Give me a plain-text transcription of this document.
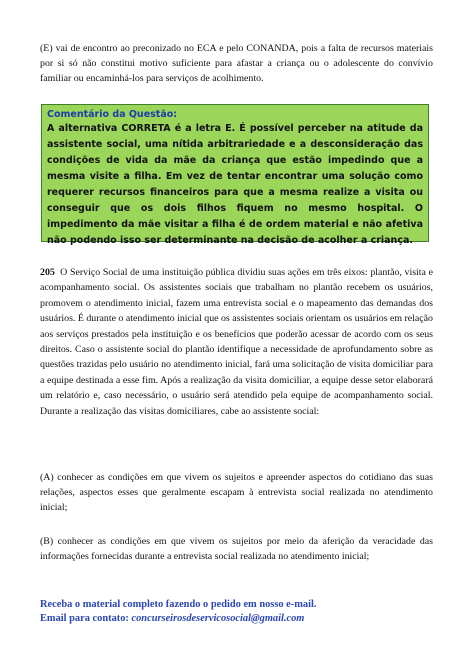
(E) vai de encontro ao preconizado no ECA e pelo CONANDA, pois a falta de recursos materiais por si só não constitui motivo suficiente para afastar a criança ou o adolescente do convívio familiar ou encaminhá-los para serviços de acolhimento.

Comentário da Questão:

A alternativa CORRETA é a letra E. É possível perceber na atitude da assistente social, uma nítida arbitrariedade e a desconsideração das condições de vida da mãe da criança que estão impedindo que a mesma visite a filha. Em vez de tentar encontrar uma solução como requerer recursos financeiros para que a mesma realize a visita ou conseguir que os dois filhos fiquem no mesmo hospital. O impedimento da mãe visitar a filha é de ordem material e não afetiva não podendo isso ser determinante na decisão de acolher a criança.

205 O Serviço Social de uma instituição pública dividiu suas ações em três eixos: plantão, visita e acompanhamento social. Os assistentes sociais que trabalham no plantão recebem os usuários, promovem o atendimento inicial, fazem uma entrevista social e o mapeamento das demandas dos usuários. É durante o atendimento inicial que os assistentes sociais orientam os usuários em relação aos serviços prestados pela instituição e os benefícios que poderão acessar de acordo com os seus direitos. Caso o assistente social do plantão identifique a necessidade de aprofundamento sobre as questões trazidas pelo usuário no atendimento inicial, fará uma solicitação de visita domiciliar para a equipe destinada a esse fim. Após a realização da visita domiciliar, a equipe desse setor elaborará um relatório e, caso necessário, o usuário será atendido pela equipe de acompanhamento social. Durante a realização das visitas domiciliares, cabe ao assistente social:

(A) conhecer as condições em que vivem os sujeitos e apreender aspectos do cotidiano das suas relações, aspectos esses que geralmente escapam à entrevista social realizada no atendimento inicial;

(B) conhecer as condições em que vivem os sujeitos por meio da aferição da veracidade das informações fornecidas durante a entrevista social realizada no atendimento inicial;

Receba o material completo fazendo o pedido em nosso e-mail.
Email para contato: concurseirosdeservicosocial@gmail.com
